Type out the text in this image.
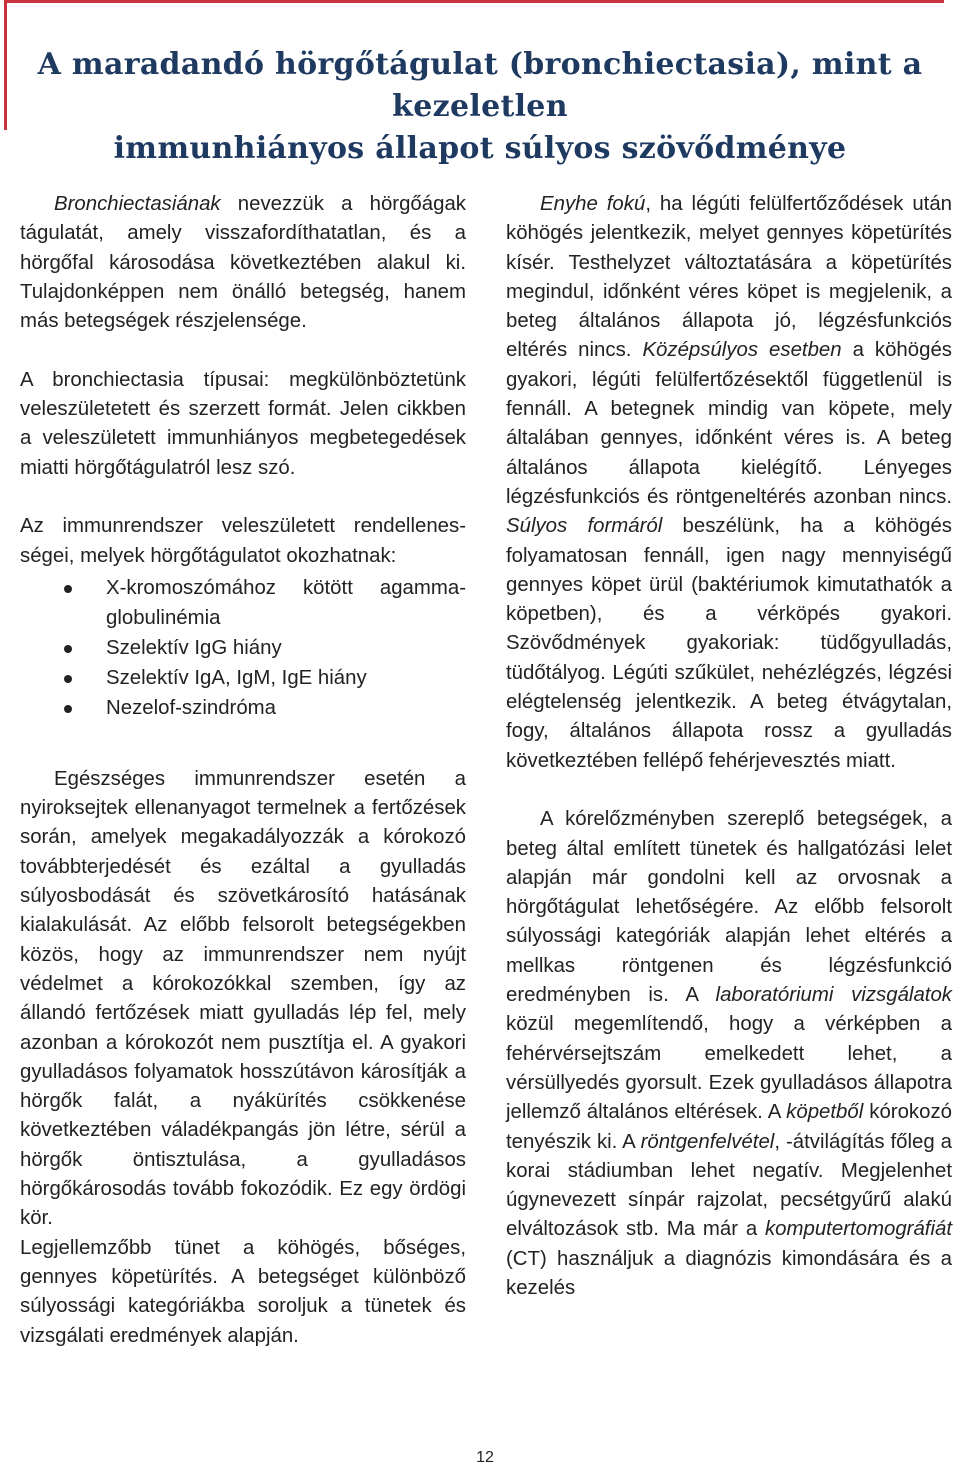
A maradandó hörgőtágulat (bronchiectasia), mint a kezeletlen
immunhiányos állapot súlyos szövődménye

Bronchiectasiának nevezzük a hörgőágak tágulatát, amely visszafordíthatatlan, és a hörgőfal károsodása következtében alakul ki. Tulajdonképpen nem önálló betegség, hanem más betegségek részjelensége.

A bronchiectasia típusai: megkülönböztetünk veleszületetett és szerzett formát. Jelen cikkben a veleszületett immunhiányos megbetegedések miatti hörgőtágulatról lesz szó.

Az immunrendszer veleszületett rendellenes-ségei, melyek hörgőtágulatot okozhatnak:

X-kromoszómához kötött agamma-globulinémia
Szelektív IgG hiány
Szelektív IgA, IgM, IgE hiány
Nezelof-szindróma

Egészséges immunrendszer esetén a nyiroksejtek ellenanyagot termelnek a fertőzések során, amelyek megakadályozzák a kórokozó továbbterjedését és ezáltal a gyulladás súlyosbodását és szövetkárosító hatásának kialakulását. Az előbb felsorolt betegségekben közös, hogy az immunrendszer nem nyújt védelmet a kórokozókkal szemben, így az állandó fertőzések miatt gyulladás lép fel, mely azonban a kórokozót nem pusztítja el. A gyakori gyulladásos folyamatok hosszútávon károsítják a hörgők falát, a nyákürítés csökkenése következtében váladékpangás jön létre, sérül a hörgők öntisztulása, a gyulladásos hörgőkárosodás tovább fokozódik. Ez egy ördögi kör.

Legjellemzőbb tünet a köhögés, bőséges, gennyes köpetürítés. A betegséget különböző súlyossági kategóriákba soroljuk a tünetek és vizsgálati eredmények alapján.

Enyhe fokú, ha légúti felülfertőződések után köhögés jelentkezik, melyet gennyes köpetürítés kísér. Testhelyzet változtatására a köpetürítés megindul, időnként véres köpet is megjelenik, a beteg általános állapota jó, légzésfunkciós eltérés nincs. Középsúlyos esetben a köhögés gyakori, légúti felülfertőzésektől függetlenül is fennáll. A betegnek mindig van köpete, mely általában gennyes, időnként véres is. A beteg általános állapota kielégítő. Lényeges légzésfunkciós és röntgeneltérés azonban nincs. Súlyos formáról beszélünk, ha a köhögés folyamatosan fennáll, igen nagy mennyiségű gennyes köpet ürül (baktériumok kimutathatók a köpetben), és a vérköpés gyakori. Szövődmények gyakoriak: tüdőgyulladás, tüdőtályog. Légúti szűkület, nehézlégzés, légzési elégtelenség jelentkezik. A beteg étvágytalan, fogy, általános állapota rossz a gyulladás következtében fellépő fehérjevesztés miatt.

A kórelőzményben szereplő betegségek, a beteg által említett tünetek és hallgatózási lelet alapján már gondolni kell az orvosnak a hörgőtágulat lehetőségére. Az előbb felsorolt súlyossági kategóriák alapján lehet eltérés a mellkas röntgenen és légzésfunkció eredményben is. A laboratóriumi vizsgálatok közül megemlítendő, hogy a vérképben a fehérvérsejtszám emelkedett lehet, a vérsüllyedés gyorsult. Ezek gyulladásos állapotra jellemző általános eltérések. A köpetből kórokozó tenyészik ki. A röntgenfelvétel, -átvilágítás főleg a korai stádiumban lehet negatív. Megjelenhet úgynevezett sínpár rajzolat, pecsétgyűrű alakú elváltozások stb. Ma már a komputertomográfiát (CT) használjuk a diagnózis kimondására és a kezelés

12
